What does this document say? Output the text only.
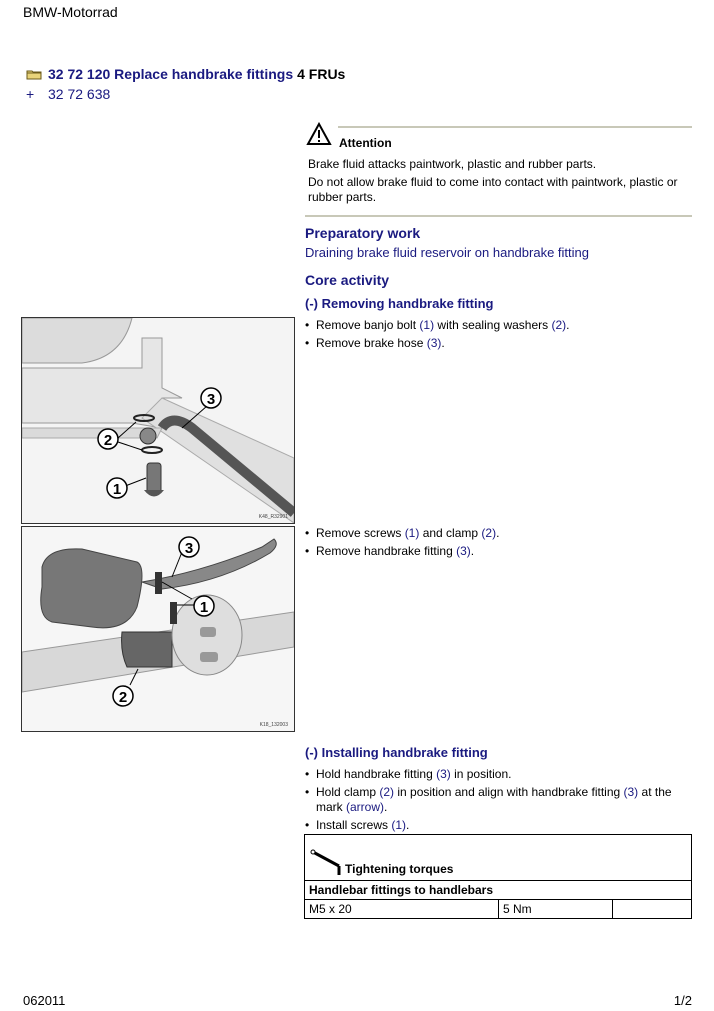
BMW-Motorrad
32 72 120 Replace handbrake fittings 4 FRUs
+ 32 72 638
Attention
Brake fluid attacks paintwork, plastic and rubber parts.
Do not allow brake fluid to come into contact with paintwork, plastic or rubber parts.
Preparatory work
Draining brake fluid reservoir on handbrake fitting
Core activity
(-) Removing handbrake fitting
• Remove banjo bolt (1) with sealing washers (2).
• Remove brake hose (3).
3
2
1
K48_R32901
• Remove screws (1) and clamp (2).
• Remove handbrake fitting (3).
3
1
2
K18_132003
(-) Installing handbrake fitting
• Hold handbrake fitting (3) in position.
• Hold clamp (2) in position and align with handbrake fitting (3) at the mark (arrow).
• Install screws (1).
Tightening torques
Handlebar fittings to handlebars
M5 x 20	5 Nm	
062011	1/2
